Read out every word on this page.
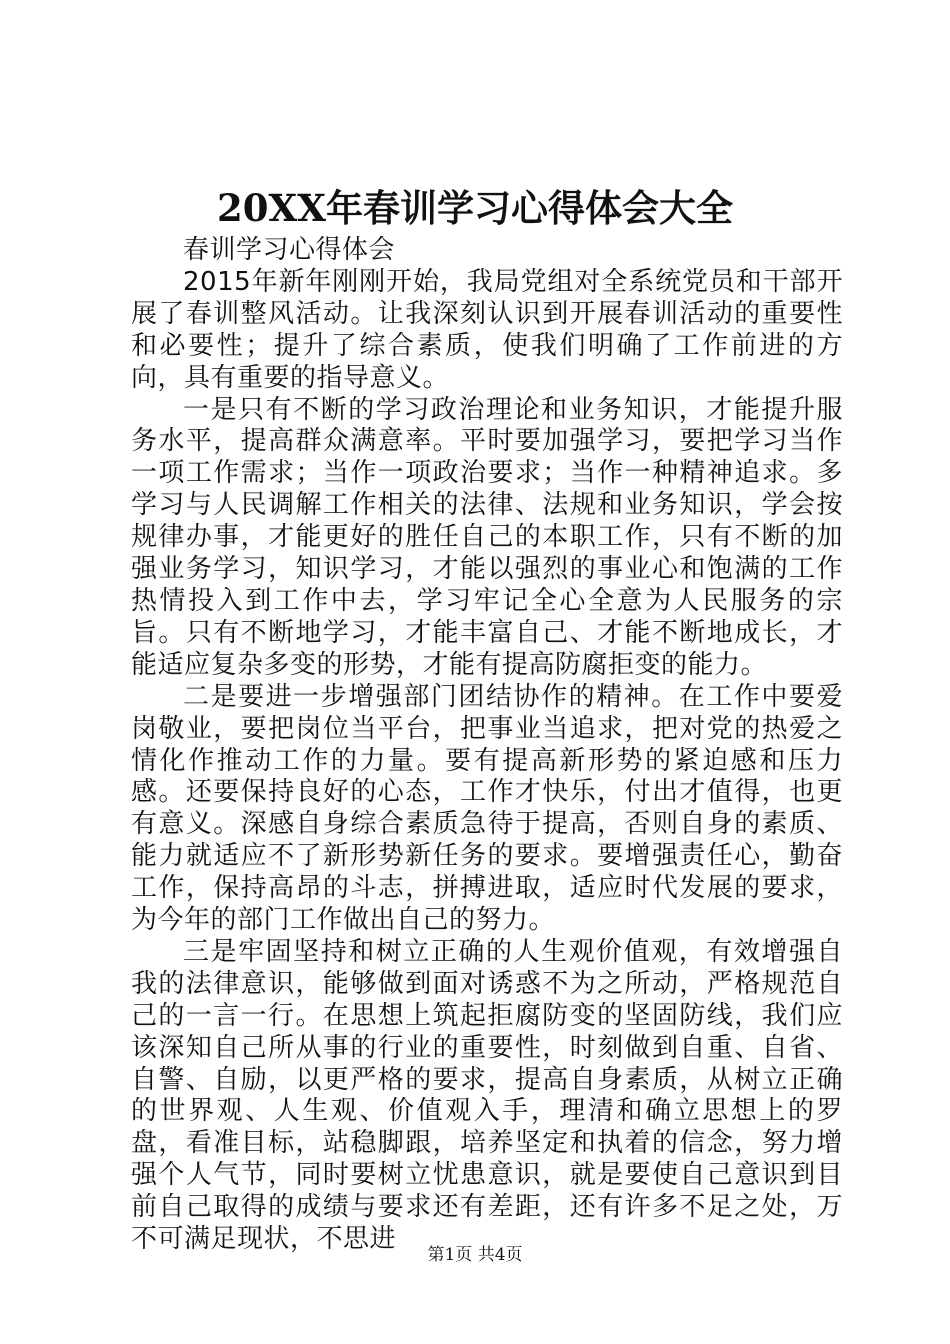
20XX年春训学习心得体会大全

春训学习心得体会

2015年新年刚刚开始，我局党组对全系统党员和干部开展了春训整风活动。让我深刻认识到开展春训活动的重要性和必要性；提升了综合素质，使我们明确了工作前进的方向，具有重要的指导意义。

一是只有不断的学习政治理论和业务知识，才能提升服务水平，提高群众满意率。平时要加强学习，要把学习当作一项工作需求；当作一项政治要求；当作一种精神追求。多学习与人民调解工作相关的法律、法规和业务知识，学会按规律办事，才能更好的胜任自己的本职工作，只有不断的加强业务学习，知识学习，才能以强烈的事业心和饱满的工作热情投入到工作中去，学习牢记全心全意为人民服务的宗旨。只有不断地学习，才能丰富自己、才能不断地成长，才能适应复杂多变的形势，才能有提高防腐拒变的能力。

二是要进一步增强部门团结协作的精神。在工作中要爱岗敬业，要把岗位当平台，把事业当追求，把对党的热爱之情化作推动工作的力量。要有提高新形势的紧迫感和压力感。还要保持良好的心态，工作才快乐，付出才值得，也更有意义。深感自身综合素质急待于提高，否则自身的素质、能力就适应不了新形势新任务的要求。要增强责任心，勤奋工作，保持高昂的斗志，拼搏进取，适应时代发展的要求，为今年的部门工作做出自己的努力。

三是牢固坚持和树立正确的人生观价值观，有效增强自我的法律意识，能够做到面对诱惑不为之所动，严格规范自己的一言一行。在思想上筑起拒腐防变的坚固防线，我们应该深知自己所从事的行业的重要性，时刻做到自重、自省、自警、自励，以更严格的要求，提高自身素质，从树立正确的世界观、人生观、价值观入手，理清和确立思想上的罗盘，看准目标，站稳脚跟，培养坚定和执着的信念，努力增强个人气节，同时要树立忧患意识，就是要使自己意识到目前自己取得的成绩与要求还有差距，还有许多不足之处，万不可满足现状，不思进

第1页 共4页
